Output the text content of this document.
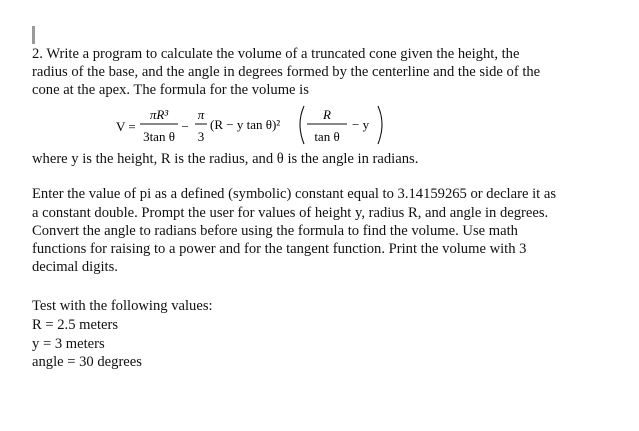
2. Write a program to calculate the volume of a truncated cone given the height, the
radius of the base, and the angle in degrees formed by the centerline and the side of the
cone at the apex. The formula for the volume is
V =
πR³
3tan θ
−
π
3
(R − y tan θ)²
R
tan θ
− y
where y is the height, R is the radius, and θ is the angle in radians.
Enter the value of pi as a defined (symbolic) constant equal to 3.14159265 or declare it as
a constant double. Prompt the user for values of height y, radius R, and angle in degrees.
Convert the angle to radians before using the formula to find the volume. Use math
functions for raising to a power and for the tangent function. Print the volume with 3
decimal digits.
Test with the following values:
R = 2.5 meters
y = 3 meters
angle = 30 degrees
